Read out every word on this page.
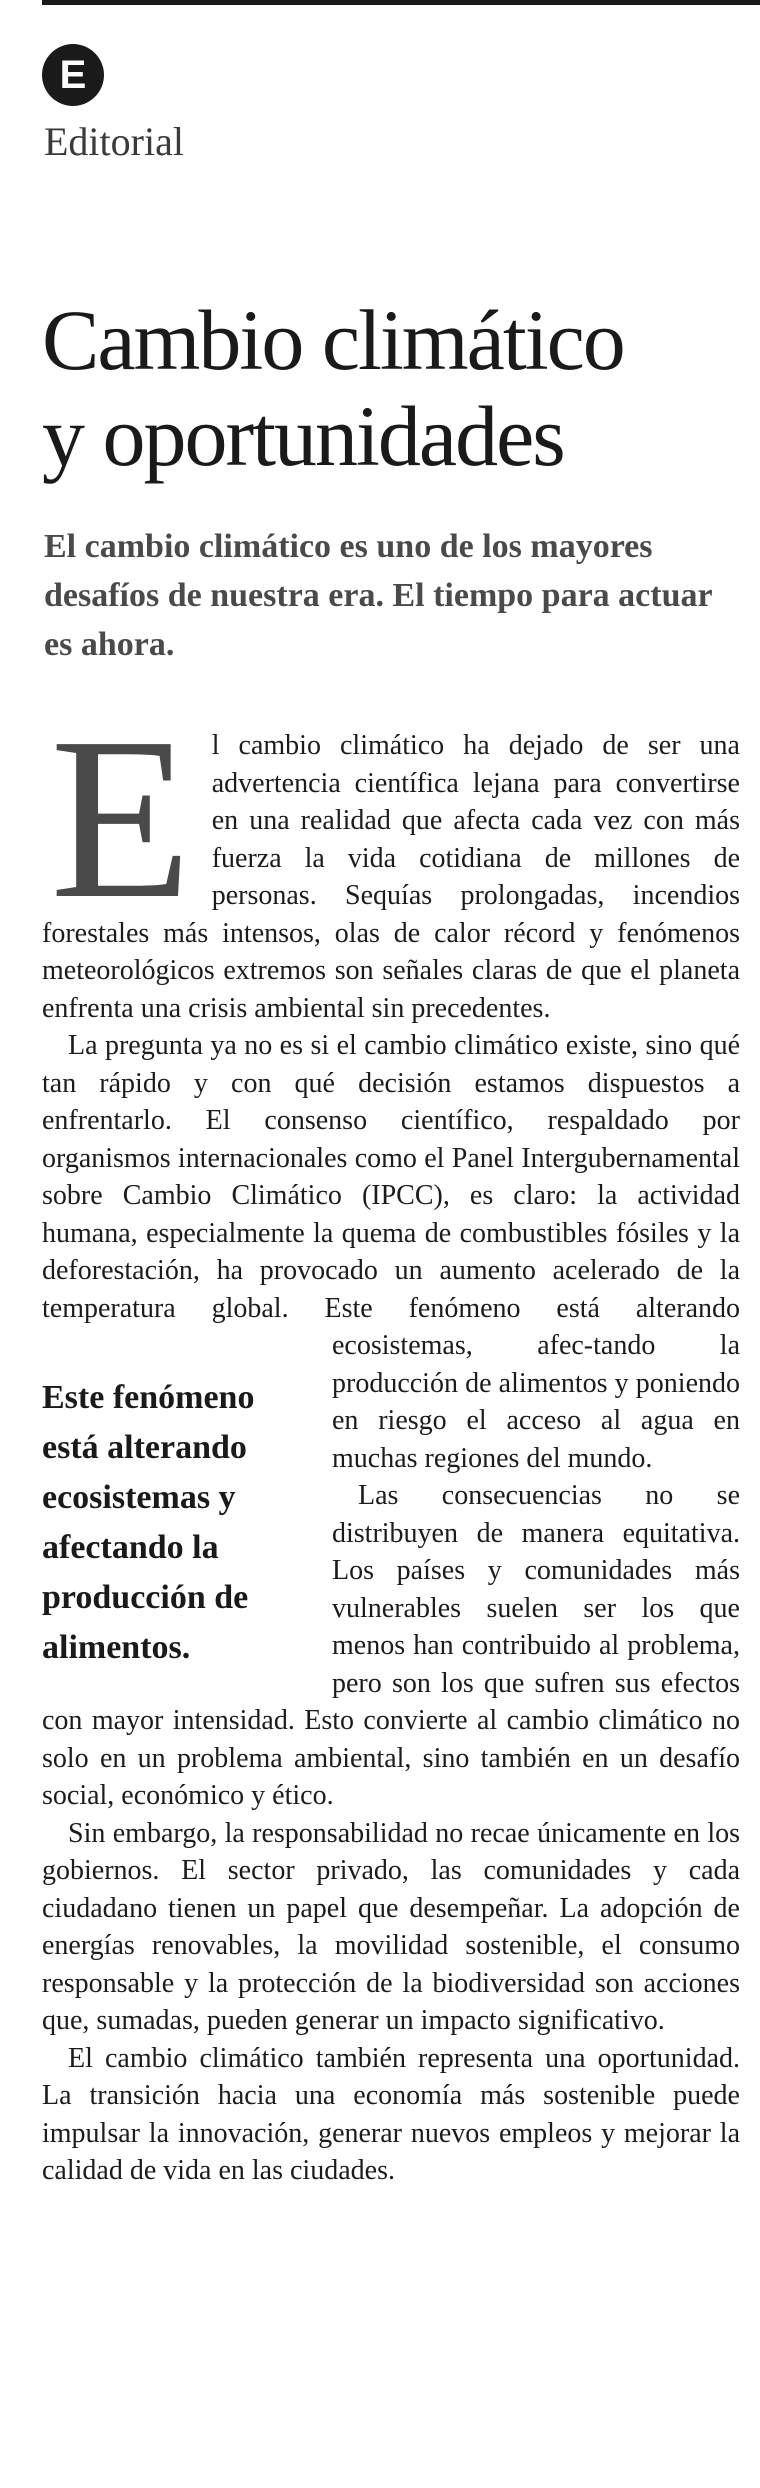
E
Editorial
Cambio climático
y oportunidades

El cambio climático es uno de los mayores desafíos de nuestra era. El tiempo para actuar es ahora.

El cambio climático ha dejado de ser una advertencia científica lejana para convertirse en una realidad que afecta cada vez con más fuerza la vida cotidiana de millones de personas. Sequías prolongadas, incendios forestales más intensos, olas de calor récord y fenómenos meteorológicos extremos son señales claras de que el planeta enfrenta una crisis ambiental sin precedentes.

La pregunta ya no es si el cambio climático existe, sino qué tan rápido y con qué decisión estamos dispuestos a enfrentarlo. El consenso científico, respaldado por organismos internacionales como el Panel Intergubernamental sobre Cambio Climático (IPCC), es claro: la actividad humana, especialmente la quema de combustibles fósiles y la deforestación, ha provocado un aumento acelerado de la temperatura global. Este fenómeno está alterando ecosistemas, afec-
Este fenómeno está alterando ecosistemas y afectando la producción de alimentos.
tando la producción de alimentos y poniendo en riesgo el acceso al agua en muchas regiones del mundo.

Las consecuencias no se distribuyen de manera equitativa. Los países y comunidades más vulnerables suelen ser los que menos han contribuido al problema, pero son los que sufren sus efectos con mayor intensidad. Esto convierte al cambio climático no solo en un problema ambiental, sino también en un desafío social, económico y ético.

Sin embargo, la responsabilidad no recae únicamente en los gobiernos. El sector privado, las comunidades y cada ciudadano tienen un papel que desempeñar. La adopción de energías renovables, la movilidad sostenible, el consumo responsable y la protección de la biodiversidad son acciones que, sumadas, pueden generar un impacto significativo.

El cambio climático también representa una oportunidad. La transición hacia una economía más sostenible puede impulsar la innovación, generar nuevos empleos y mejorar la calidad de vida en las ciudades.
